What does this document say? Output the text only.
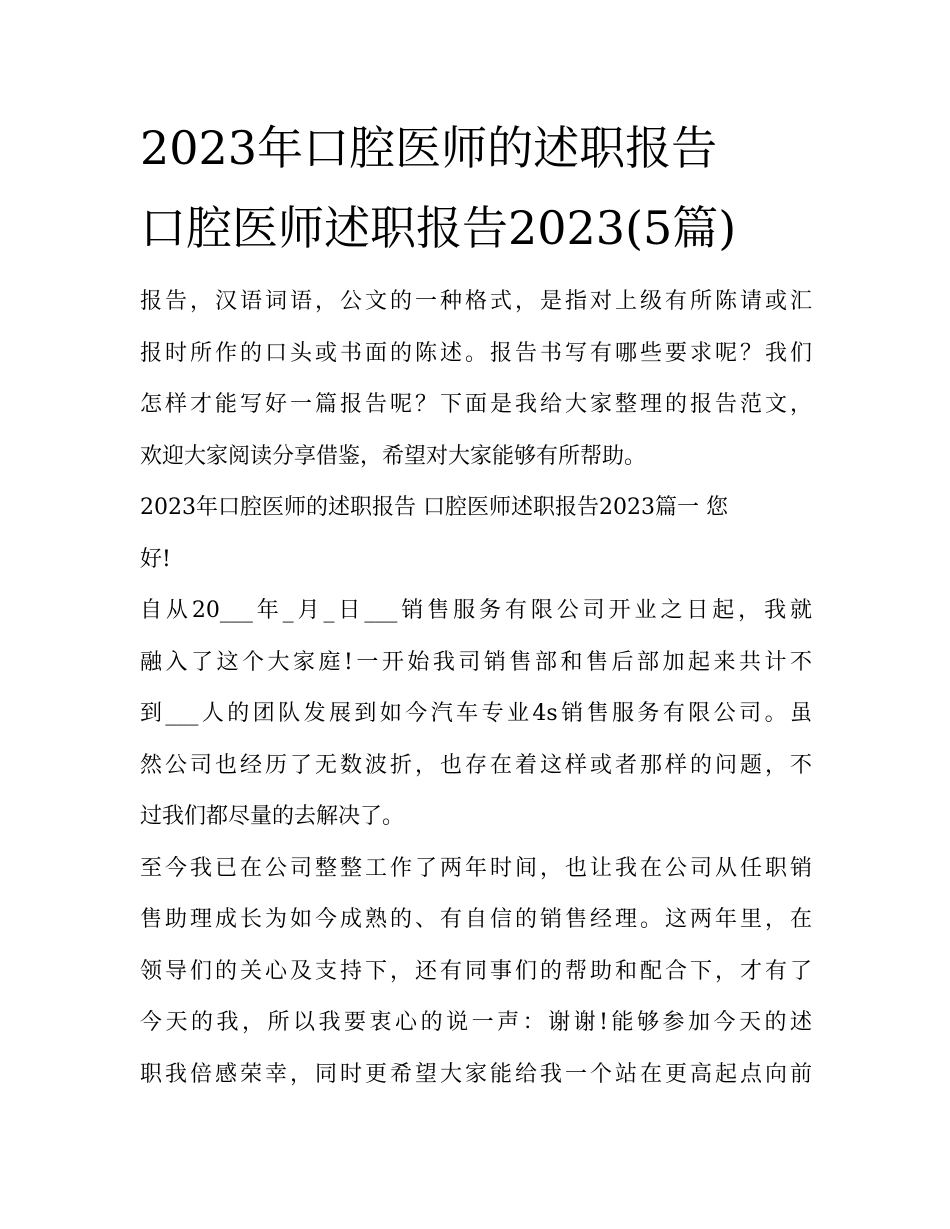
2023年口腔医师的述职报告
口腔医师述职报告2023(5篇)
报告，汉语词语，公文的一种格式，是指对上级有所陈请或汇
报时所作的口头或书面的陈述。报告书写有哪些要求呢？我们
怎样才能写好一篇报告呢？下面是我给大家整理的报告范文，
欢迎大家阅读分享借鉴，希望对大家能够有所帮助。
2023年口腔医师的述职报告 口腔医师述职报告2023篇一 您
好!
自从20___年_月_日___销售服务有限公司开业之日起，我就
融入了这个大家庭!一开始我司销售部和售后部加起来共计不
到___人的团队发展到如今汽车专业4s销售服务有限公司。虽
然公司也经历了无数波折，也存在着这样或者那样的问题，不
过我们都尽量的去解决了。
至今我已在公司整整工作了两年时间，也让我在公司从任职销
售助理成长为如今成熟的、有自信的销售经理。这两年里，在
领导们的关心及支持下，还有同事们的帮助和配合下，才有了
今天的我，所以我要衷心的说一声：谢谢!能够参加今天的述
职我倍感荣幸，同时更希望大家能给我一个站在更高起点向前
